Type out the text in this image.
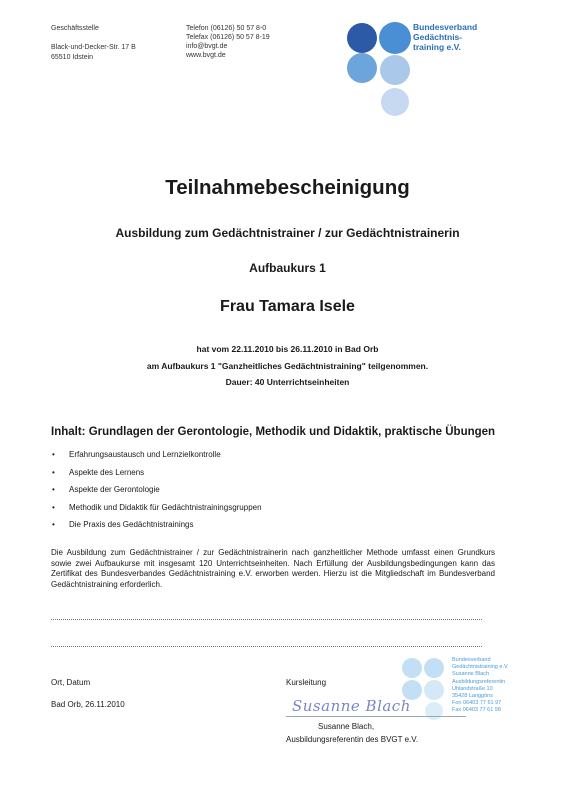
Geschäftsstelle
Black-und-Decker-Str. 17 B
65510 Idstein
Telefon (06126) 50 57 8-0
Telefax (06126) 50 57 8-19
info@bvgt.de
www.bvgt.de
Bundesverband
Gedächtnis-
training e.V.
Teilnahmebescheinigung
Ausbildung zum Gedächtnistrainer / zur Gedächtnistrainerin
Aufbaukurs 1
Frau Tamara Isele
hat vom 22.11.2010 bis 26.11.2010 in Bad Orb
am Aufbaukurs 1 "Ganzheitliches Gedächtnistraining" teilgenommen.
Dauer: 40 Unterrichtseinheiten
Inhalt: Grundlagen der Gerontologie, Methodik und Didaktik, praktische Übungen
• Erfahrungsaustausch und Lernzielkontrolle
• Aspekte des Lernens
• Aspekte der Gerontologie
• Methodik und Didaktik für Gedächtnistrainingsgruppen
• Die Praxis des Gedächtnistrainings
Die Ausbildung zum Gedächtnistrainer / zur Gedächtnistrainerin nach ganzheitlicher Methode umfasst einen Grundkurs sowie zwei Aufbaukurse mit insgesamt 120 Unterrichtseinheiten. Nach Erfüllung der Ausbildungsbedingungen kann das Zertifikat des Bundesverbandes Gedächtnistraining e.V. erworben werden. Hierzu ist die Mitgliedschaft im Bundesverband Gedächtnistraining erforderlich.
Ort, Datum
Bad Orb, 26.11.2010
Kursleitung
Bundesverband
Gedächtnistraining e.V.
Susanne Blach
Ausbildungsreferentin
Uhlandstraße 10
35428 Langgöns
Fon 06403 77 61 97
Fax 06403 77 61 98
Susanne Blach
Susanne Blach,
Ausbildungsreferentin des BVGT e.V.
